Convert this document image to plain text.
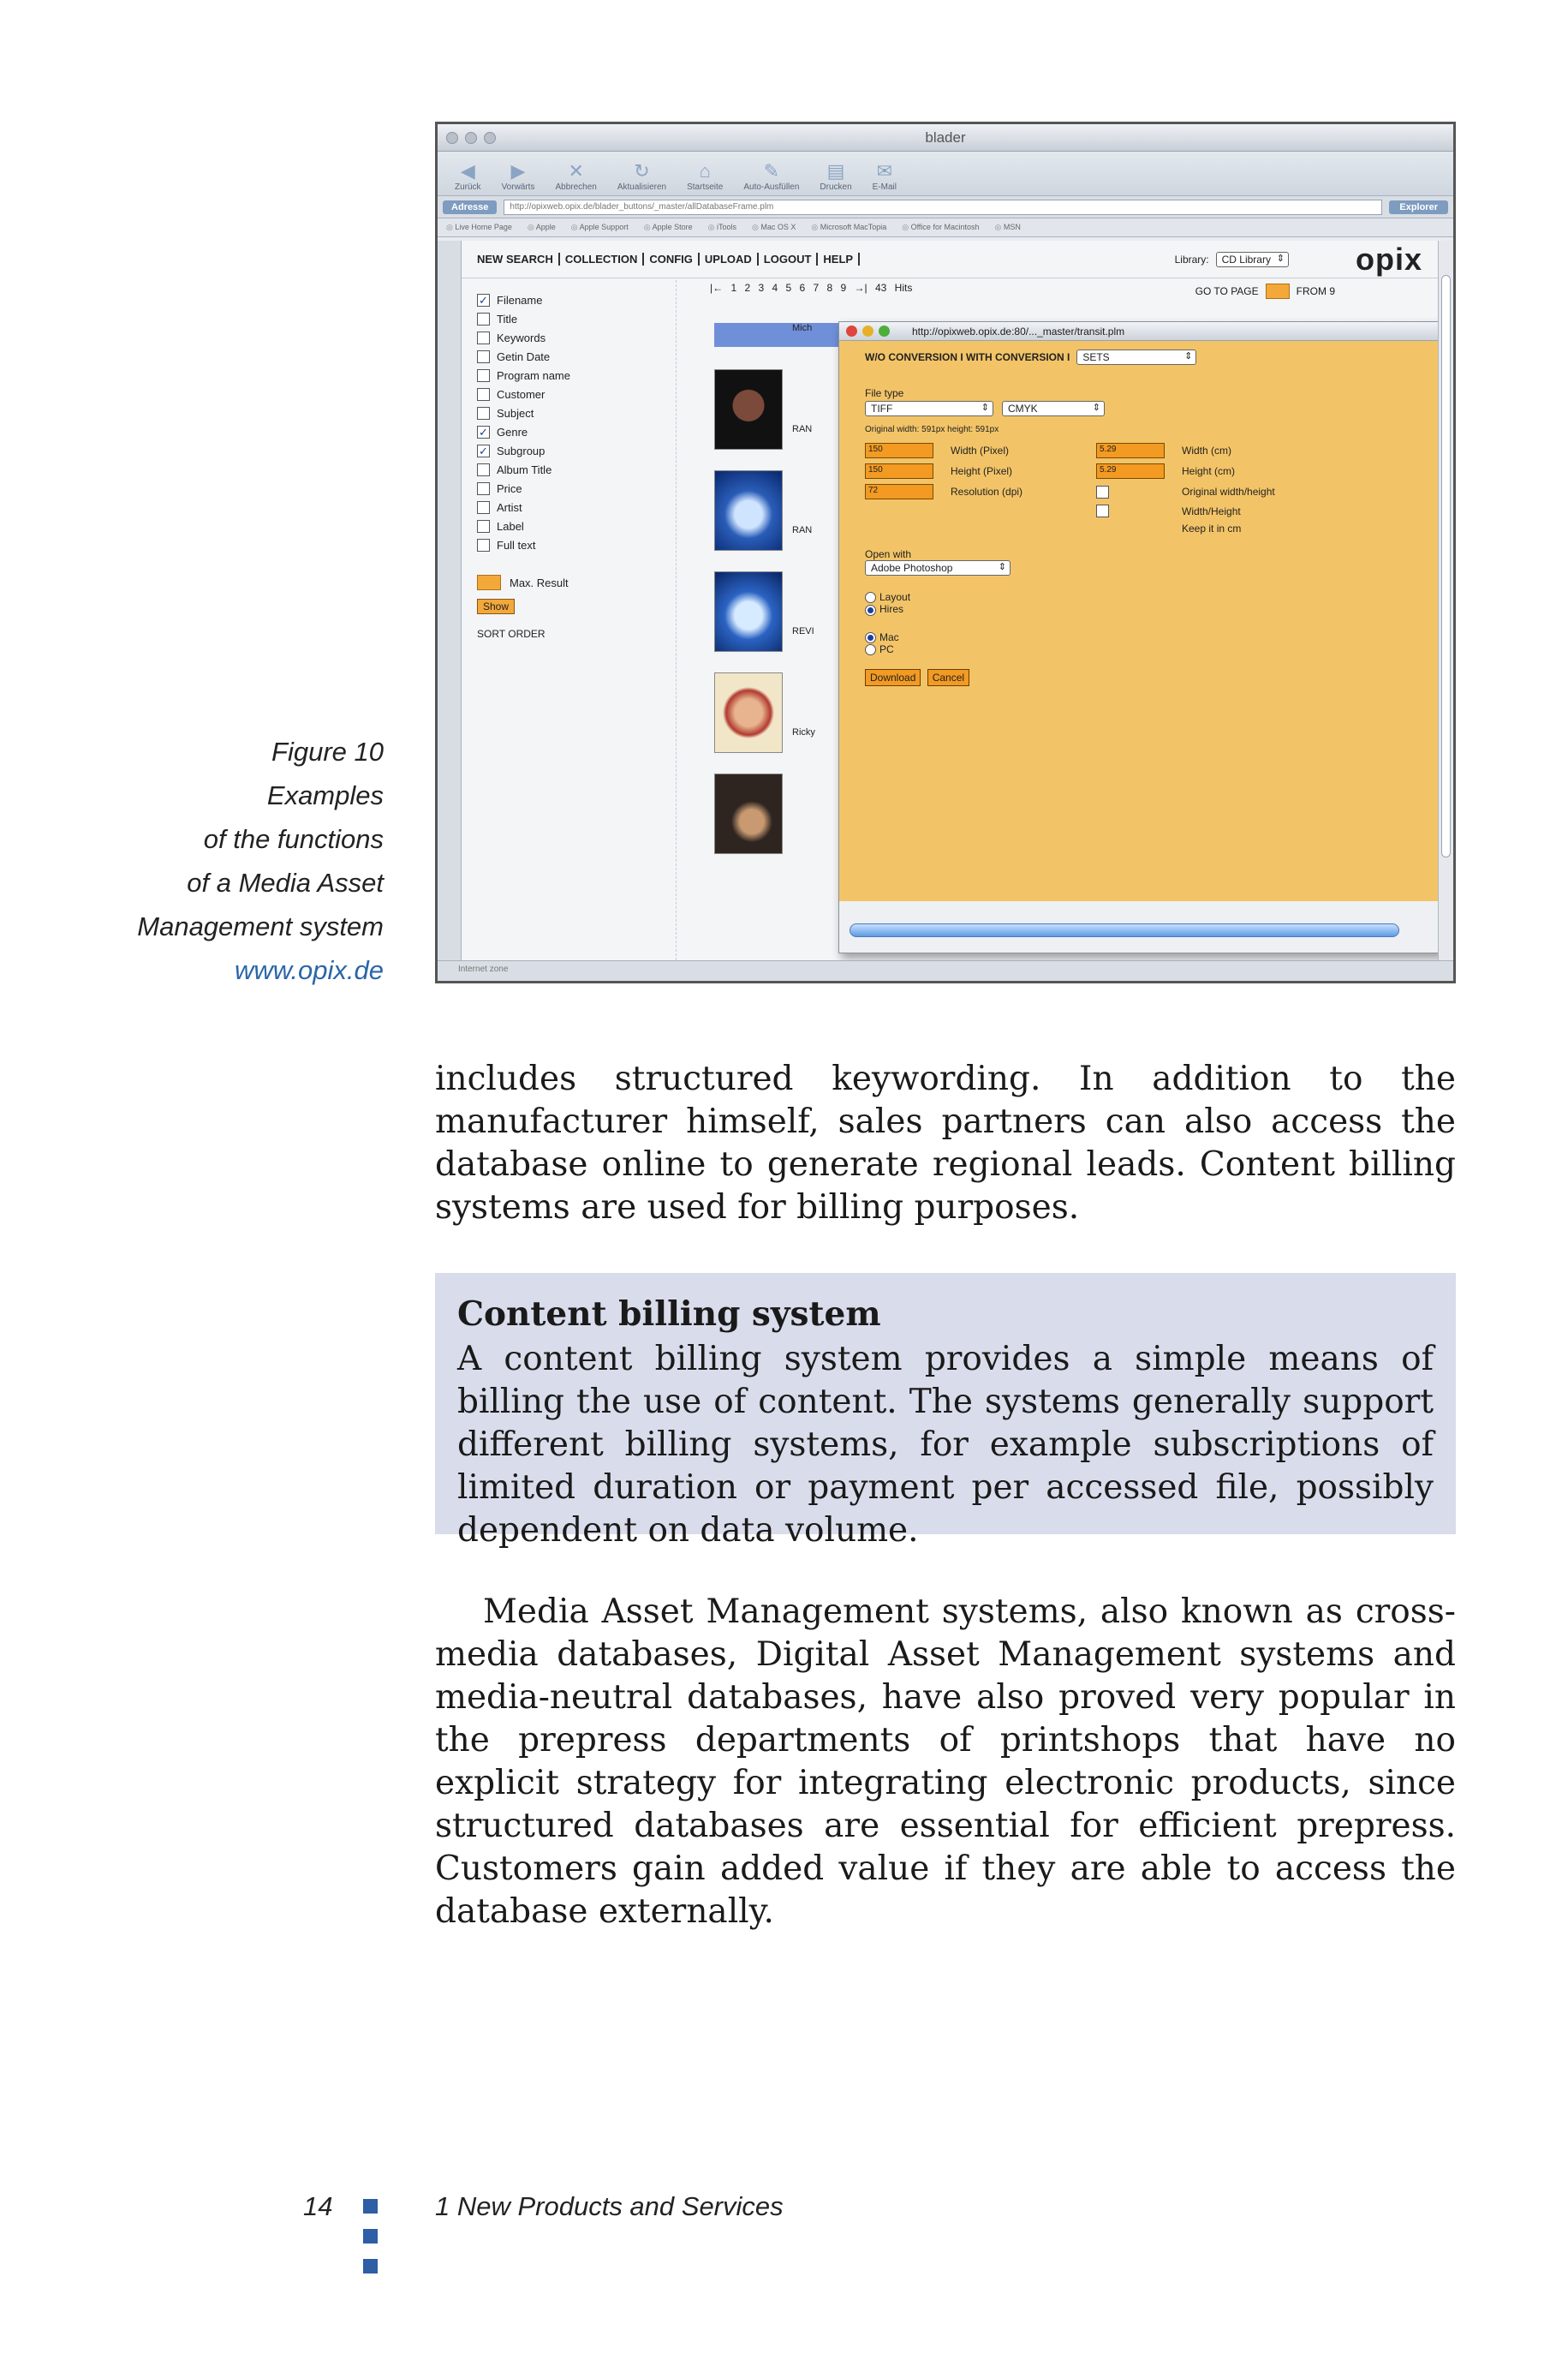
Figure 10
Examples
of the functions
of a Media Asset
Management system
www.opix.de
blader
◀
Zurück
▶
Vorwärts
✕
Abbrechen
↻
Aktualisieren
⌂
Startseite
✎
Auto-Ausfüllen
▤
Drucken
✉
E-Mail
Adresse	http://opixweb.opix.de/blader_buttons/_master/allDatabaseFrame.plm	Explorer
◎ Live Home Page	◎ Apple	◎ Apple Support	◎ Apple Store	◎ iTools	◎ Mac OS X	◎ Microsoft MacTopia	◎ Office for Macintosh	◎ MSN
NEW SEARCH	COLLECTION	CONFIG	UPLOAD	LOGOUT	HELP	Library:	CD Library ⇕	opix
✓ Filename
Title
Keywords
Getin Date
Program name
Customer
Subject
✓ Genre
✓ Subgroup
Album Title
Price
Artist
Label
Full text
Max. Result
Show
SORT ORDER
|← 1 2 3 4 5 6 7 8 9 →| 43 Hits	GO TO PAGE	FROM 9
Mich
RAN
RAN
REVI
Ricky
http://opixweb.opix.de:80/..._master/transit.plm
W/O CONVERSION I WITH CONVERSION I	SETS ⇕
File type
TIFF ⇕	CMYK ⇕
Original width: 591px height: 591px
150	Width (Pixel)	5.29	Width (cm)
150	Height (Pixel)	5.29	Height (cm)
72	Resolution (dpi)	Original width/height
Width/Height
Keep it in cm
Open with
Adobe Photoshop ⇕
Layout
Hires
Mac
PC
Download Cancel
Internet zone

includes structured keywording. In addition to the manufacturer himself, sales partners can also access the database online to generate regional leads. Content billing systems are used for billing purposes.

Content billing system

A content billing system provides a simple means of billing the use of content. The systems generally support different billing systems, for example subscriptions of limited duration or payment per accessed file, possibly dependent on data volume.

Media Asset Management systems, also known as cross-media databases, Digital Asset Management systems and media-neutral databases, have also proved very popular in the prepress departments of printshops that have no explicit strategy for integrating electronic products, since structured databases are essential for efficient prepress. Customers gain added value if they are able to access the database externally.

14	1 New Products and Services
